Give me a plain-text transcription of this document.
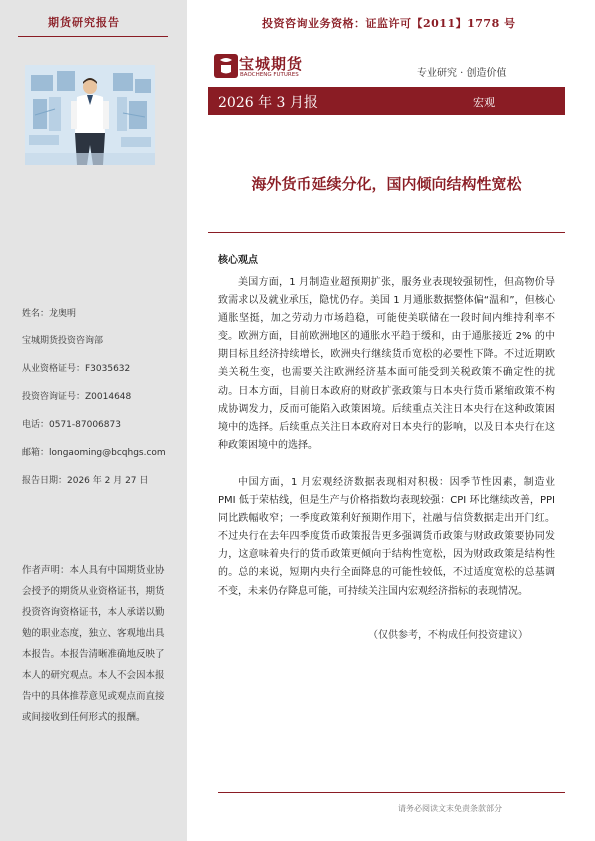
期货研究报告
姓名：龙奥明
宝城期货投资咨询部
从业资格证号：F3035632
投资咨询证号：Z0014648
电话：0571-87006873
邮箱：longaoming@bcqhgs.com
报告日期：2026 年 2 月 27 日
作者声明：本人具有中国期货业协会授予的期货从业资格证书，期货投资咨询资格证书，本人承诺以勤勉的职业态度，独立、客观地出具本报告。本报告清晰准确地反映了本人的研究观点。本人不会因本报告中的具体推荐意见或观点而直接或间接收到任何形式的报酬。
投资咨询业务资格：证监许可【2011】1778 号
宝城期货
BAOCHENG FUTURES	专业研究 · 创造价值
2026 年 3 月报	宏观
海外货币延续分化，国内倾向结构性宽松
核心观点

美国方面，1 月制造业超预期扩张，服务业表现较强韧性，但高物价导致需求以及就业承压，隐忧仍存。美国 1 月通胀数据整体偏“温和”，但核心通胀坚挺，加之劳动力市场趋稳，可能使美联储在一段时间内维持利率不变。欧洲方面，目前欧洲地区的通胀水平趋于缓和，由于通胀接近 2% 的中期目标且经济持续增长，欧洲央行继续货币宽松的必要性下降。不过近期欧美关税生变，也需要关注欧洲经济基本面可能受到关税政策不确定性的扰动。日本方面，目前日本政府的财政扩张政策与日本央行货币紧缩政策不构成协调发力，反而可能陷入政策困境。后续重点关注日本央行在这种政策困境中的选择。后续重点关注日本政府对日本央行的影响，以及日本央行在这种政策困境中的选择。

中国方面，1 月宏观经济数据表现相对积极：因季节性因素，制造业 PMI 低于荣枯线，但是生产与价格指数均表现较强：CPI 环比继续改善，PPI 同比跌幅收窄；一季度政策利好预期作用下，社融与信贷数据走出开门红。不过央行在去年四季度货币政策报告更多强调货币政策与财政政策要协同发力，这意味着央行的货币政策更倾向于结构性宽松，因为财政政策是结构性的。总的来说，短期内央行全面降息的可能性较低，不过适度宽松的总基调不变，未来仍存降息可能，可持续关注国内宏观经济指标的表现情况。

（仅供参考，不构成任何投资建议）
请务必阅读文末免责条款部分
